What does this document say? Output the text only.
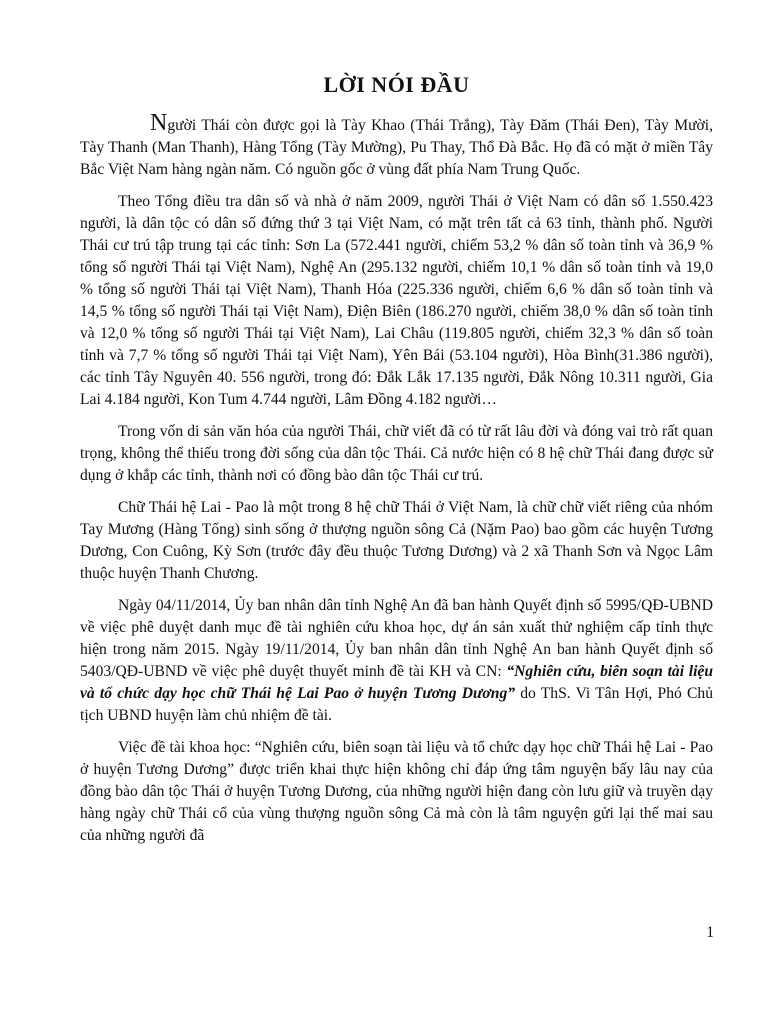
LỜI NÓI ĐẦU

Người Thái còn được gọi là Tày Khao (Thái Trắng), Tày Đăm (Thái Đen), Tày Mười, Tày Thanh (Man Thanh), Hàng Tổng (Tày Mường), Pu Thay, Thổ Đà Bắc. Họ đã có mặt ở miền Tây Bắc Việt Nam hàng ngàn năm. Có nguồn gốc ở vùng đất phía Nam Trung Quốc.

Theo Tổng điều tra dân số và nhà ở năm 2009, người Thái ở Việt Nam có dân số 1.550.423 người, là dân tộc có dân số đứng thứ 3 tại Việt Nam, có mặt trên tất cả 63 tỉnh, thành phố. Người Thái cư trú tập trung tại các tỉnh: Sơn La (572.441 người, chiếm 53,2 % dân số toàn tỉnh và 36,9 % tổng số người Thái tại Việt Nam), Nghệ An (295.132 người, chiếm 10,1 % dân số toàn tỉnh và 19,0 % tổng số người Thái tại Việt Nam), Thanh Hóa (225.336 người, chiếm 6,6 % dân số toàn tỉnh và 14,5 % tổng số người Thái tại Việt Nam), Điện Biên (186.270 người, chiếm 38,0 % dân số toàn tỉnh và 12,0 % tổng số người Thái tại Việt Nam), Lai Châu (119.805 người, chiếm 32,3 % dân số toàn tỉnh và 7,7 % tổng số người Thái tại Việt Nam), Yên Bái (53.104 người), Hòa Bình(31.386 người), các tỉnh Tây Nguyên 40. 556 người, trong đó: Đắk Lắk 17.135 người, Đắk Nông 10.311 người, Gia Lai 4.184 người, Kon Tum 4.744 người, Lâm Đồng 4.182 người…

Trong vốn di sản văn hóa của người Thái, chữ viết đã có từ rất lâu đời và đóng vai trò rất quan trọng, không thể thiếu trong đời sống của dân tộc Thái. Cả nước hiện có 8 hệ chữ Thái đang được sử dụng ở khắp các tỉnh, thành nơi có đồng bào dân tộc Thái cư trú.

Chữ Thái hệ Lai - Pao là một trong 8 hệ chữ Thái ở Việt Nam, là chữ chữ viết riêng của nhóm Tay Mương (Hàng Tổng) sinh sống ở thượng nguồn sông Cả (Nặm Pao) bao gồm các huyện Tương Dương, Con Cuông, Kỳ Sơn (trước đây đều thuộc Tương Dương) và 2 xã Thanh Sơn và Ngọc Lâm thuộc huyện Thanh Chương.

Ngày 04/11/2014, Ủy ban nhân dân tỉnh Nghệ An đã ban hành Quyết định số 5995/QĐ-UBND về việc phê duyệt danh mục đề tài nghiên cứu khoa học, dự án sản xuất thử nghiệm cấp tỉnh thực hiện trong năm 2015. Ngày 19/11/2014, Ủy ban nhân dân tỉnh Nghệ An ban hành Quyết định số 5403/QĐ-UBND về việc phê duyệt thuyết minh đề tài KH và CN: “Nghiên cứu, biên soạn tài liệu và tổ chức dạy học chữ Thái hệ Lai Pao ở huyện Tương Dương” do ThS. Vi Tân Hợi, Phó Chủ tịch UBND huyện làm chủ nhiệm đề tài.

Việc đề tài khoa học: “Nghiên cứu, biên soạn tài liệu và tổ chức dạy học chữ Thái hệ Lai - Pao ở huyện Tương Dương” được triển khai thực hiện không chỉ đáp ứng tâm nguyện bấy lâu nay của đồng bào dân tộc Thái ở huyện Tương Dương, của những người hiện đang còn lưu giữ và truyền dạy hàng ngày chữ Thái cổ của vùng thượng nguồn sông Cả mà còn là tâm nguyện gửi lại thế mai sau của những người đã

1
